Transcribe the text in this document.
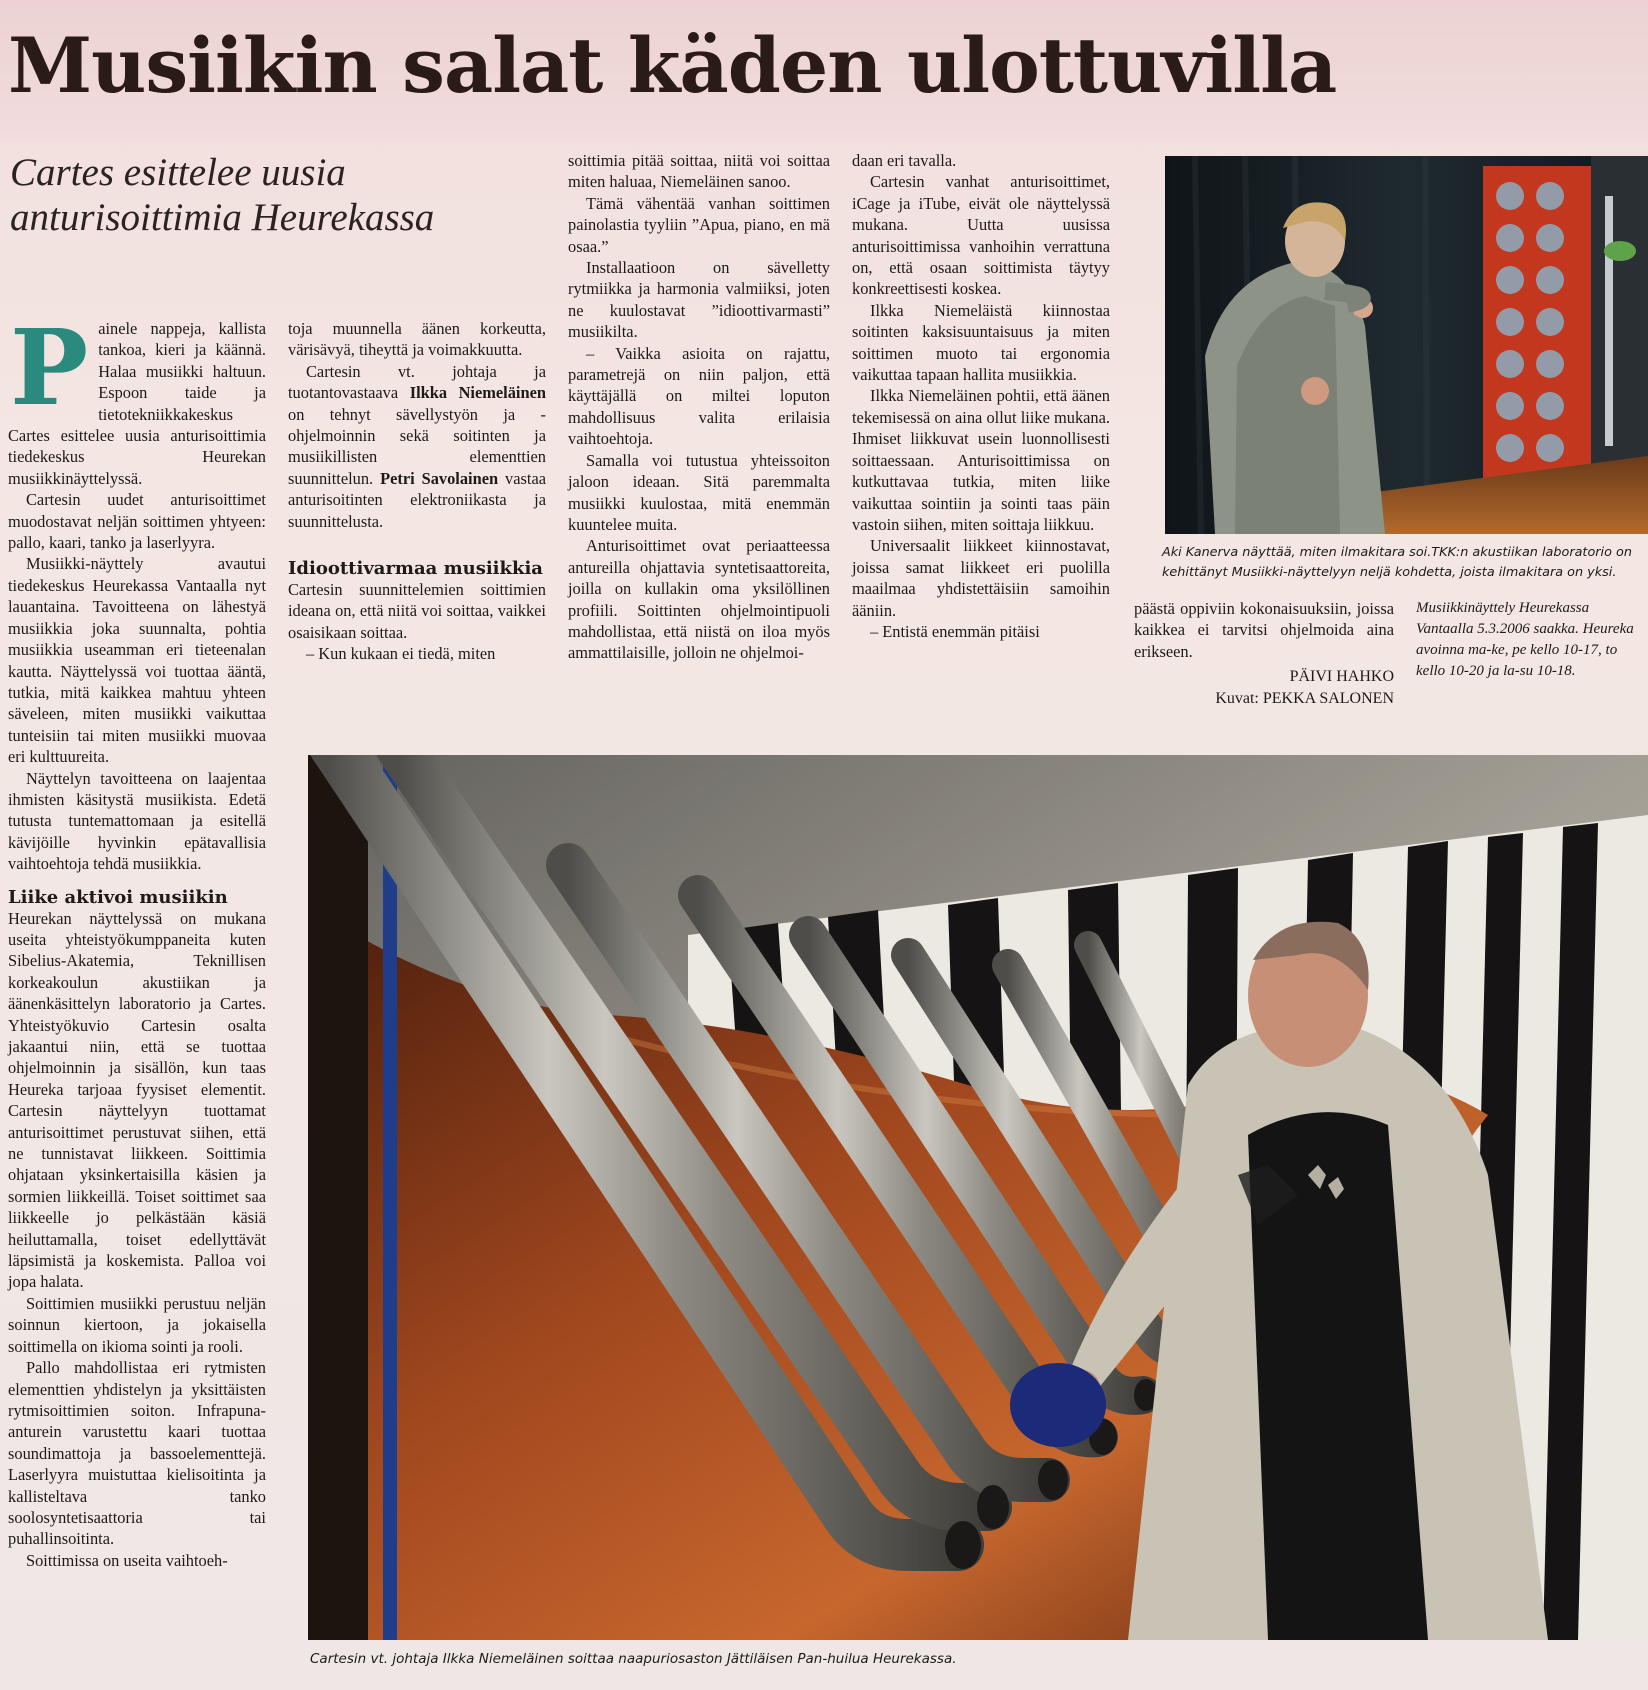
Musiikin salat käden ulottuvilla
Cartes esittelee uusia anturisoittimia Heurekassa

Painele nappeja, kallista tankoa, kieri ja käännä. Halaa musiikki haltuun. Espoon taide ja tietotekniikkakeskus Cartes esittelee uusia anturisoittimia tiedekeskus Heurekan musiikkinäyttelyssä.

Cartesin uudet anturisoittimet muodostavat neljän soittimen yhtyeen: pallo, kaari, tanko ja laserlyyra.

Musiikki-näyttely avautui tiedekeskus Heurekassa Vantaalla nyt lauantaina. Tavoitteena on lähestyä musiikkia joka suunnalta, pohtia musiikkia useamman eri tieteenalan kautta. Näyttelyssä voi tuottaa ääntä, tutkia, mitä kaikkea mahtuu yhteen säveleen, miten musiikki vaikuttaa tunteisiin tai miten musiikki muovaa eri kulttuureita.

Näyttelyn tavoitteena on laajentaa ihmisten käsitystä musiikista. Edetä tutusta tuntemattomaan ja esitellä kävijöille hyvinkin epätavallisia vaihtoehtoja tehdä musiikkia.

Liike aktivoi musiikin

Heurekan näyttelyssä on mukana useita yhteistyökumppaneita kuten Sibelius-Akatemia, Teknillisen korkeakoulun akustiikan ja äänenkäsittelyn laboratorio ja Cartes. Yhteistyökuvio Cartesin osalta jakaantui niin, että se tuottaa ohjelmoinnin ja sisällön, kun taas Heureka tarjoaa fyysiset elementit. Cartesin näyttelyyn tuottamat anturisoittimet perustuvat siihen, että ne tunnistavat liikkeen. Soittimia ohjataan yksinkertaisilla käsien ja sormien liikkeillä. Toiset soittimet saa liikkeelle jo pelkästään käsiä heiluttamalla, toiset edellyttävät läpsimistä ja koskemista. Palloa voi jopa halata.

Soittimien musiikki perustuu neljän soinnun kiertoon, ja jokaisella soittimella on ikioma sointi ja rooli.

Pallo mahdollistaa eri rytmisten elementtien yhdistelyn ja yksittäisten rytmisoittimien soiton. Infrapuna-anturein varustettu kaari tuottaa soundimattoja ja bassoelementtejä. Laserlyyra muistuttaa kielisoitinta ja kallisteltava tanko soolosyntetisaattoria tai puhallinsoitinta.

Soittimissa on useita vaihtoeh-

toja muunnella äänen korkeutta, värisävyä, tiheyttä ja voimakkuutta.

Cartesin vt. johtaja ja tuotantovastaava Ilkka Niemeläinen on tehnyt sävellystyön ja -ohjelmoinnin sekä soitinten ja musiikillisten elementtien suunnittelun. Petri Savolainen vastaa anturisoitinten elektroniikasta ja suunnittelusta.

Idioottivarmaa musiikkia

Cartesin suunnittelemien soittimien ideana on, että niitä voi soittaa, vaikkei osaisikaan soittaa.

– Kun kukaan ei tiedä, miten

soittimia pitää soittaa, niitä voi soittaa miten haluaa, Niemeläinen sanoo.

Tämä vähentää vanhan soittimen painolastia tyyliin ”Apua, piano, en mä osaa.”

Installaatioon on sävelletty rytmiikka ja harmonia valmiiksi, joten ne kuulostavat ”idioottivarmasti” musiikilta.

– Vaikka asioita on rajattu, parametrejä on niin paljon, että käyttäjällä on miltei loputon mahdollisuus valita erilaisia vaihtoehtoja.

Samalla voi tutustua yhteissoiton jaloon ideaan. Sitä paremmalta musiikki kuulostaa, mitä enemmän kuuntelee muita.

Anturisoittimet ovat periaatteessa antureilla ohjattavia syntetisaattoreita, joilla on kullakin oma yksilöllinen profiili. Soittinten ohjelmointipuoli mahdollistaa, että niistä on iloa myös ammattilaisille, jolloin ne ohjelmoi-

daan eri tavalla.

Cartesin vanhat anturisoittimet, iCage ja iTube, eivät ole näyttelyssä mukana. Uutta uusissa anturisoittimissa vanhoihin verrattuna on, että osaan soittimista täytyy konkreettisesti koskea.

Ilkka Niemeläistä kiinnostaa soitinten kaksisuuntaisuus ja miten soittimen muoto tai ergonomia vaikuttaa tapaan hallita musiikkia.

Ilkka Niemeläinen pohtii, että äänen tekemisessä on aina ollut liike mukana. Ihmiset liikkuvat usein luonnollisesti soittaessaan. Anturisoittimissa on kutkuttavaa tutkia, miten liike vaikuttaa sointiin ja sointi taas päin vastoin siihen, miten soittaja liikkuu.

Universaalit liikkeet kiinnostavat, joissa samat liikkeet eri puolilla maailmaa yhdistettäisiin samoihin ääniin.

– Entistä enemmän pitäisi

päästä oppiviin kokonaisuuksiin, joissa kaikkea ei tarvitsi ohjelmoida aina erikseen.

PÄIVI HAHKO
Kuvat: PEKKA SALONEN
Musiikkinäyttely Heurekassa Vantaalla 5.3.2006 saakka. Heureka avoinna ma-ke, pe kello 10-17, to kello 10-20 ja la-su 10-18.
Aki Kanerva näyttää, miten ilmakitara soi.TKK:n akustiikan laboratorio on kehittänyt Musiikki-näyttelyyn neljä kohdetta, joista ilmakitara on yksi.
Cartesin vt. johtaja Ilkka Niemeläinen soittaa naapuriosaston Jättiläisen Pan-huilua Heurekassa.
